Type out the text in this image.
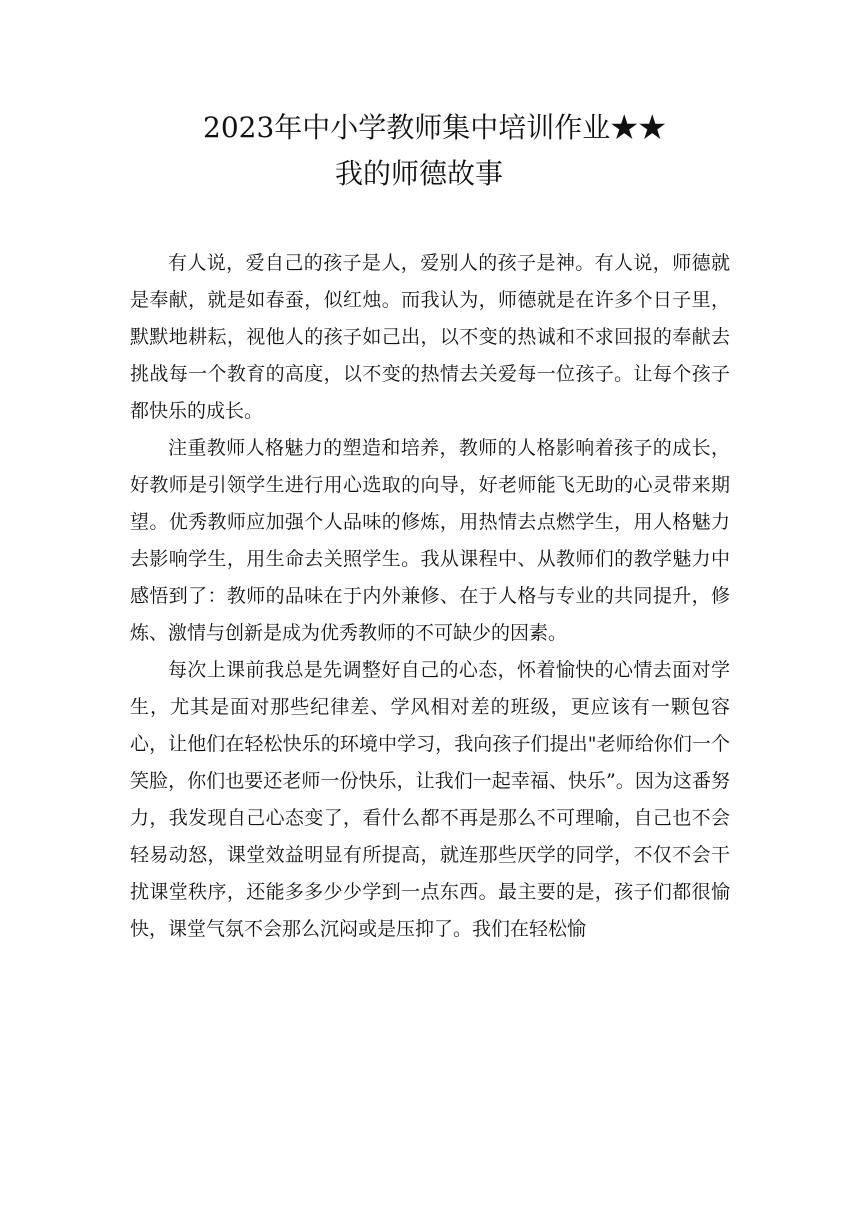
2023年中小学教师集中培训作业★★
我的师德故事

有人说，爱自己的孩子是人，爱别人的孩子是神。有人说，师德就是奉献，就是如春蚕，似红烛。而我认为，师德就是在许多个日子里，默默地耕耘，视他人的孩子如己出，以不变的热诚和不求回报的奉献去挑战每一个教育的高度，以不变的热情去关爱每一位孩子。让每个孩子都快乐的成长。

注重教师人格魅力的塑造和培养，教师的人格影响着孩子的成长，好教师是引领学生进行用心选取的向导，好老师能飞无助的心灵带来期望。优秀教师应加强个人品味的修炼，用热情去点燃学生，用人格魅力去影响学生，用生命去关照学生。我从课程中、从教师们的教学魅力中感悟到了：教师的品味在于内外兼修、在于人格与专业的共同提升，修炼、激情与创新是成为优秀教师的不可缺少的因素。

每次上课前我总是先调整好自己的心态，怀着愉快的心情去面对学生，尤其是面对那些纪律差、学风相对差的班级，更应该有一颗包容心，让他们在轻松快乐的环境中学习，我向孩子们提出"老师给你们一个笑脸，你们也要还老师一份快乐，让我们一起幸福、快乐”。因为这番努力，我发现自己心态变了，看什么都不再是那么不可理喻，自己也不会轻易动怒，课堂效益明显有所提高，就连那些厌学的同学，不仅不会干扰课堂秩序，还能多多少少学到一点东西。最主要的是，孩子们都很愉快，课堂气氛不会那么沉闷或是压抑了。我们在轻松愉
